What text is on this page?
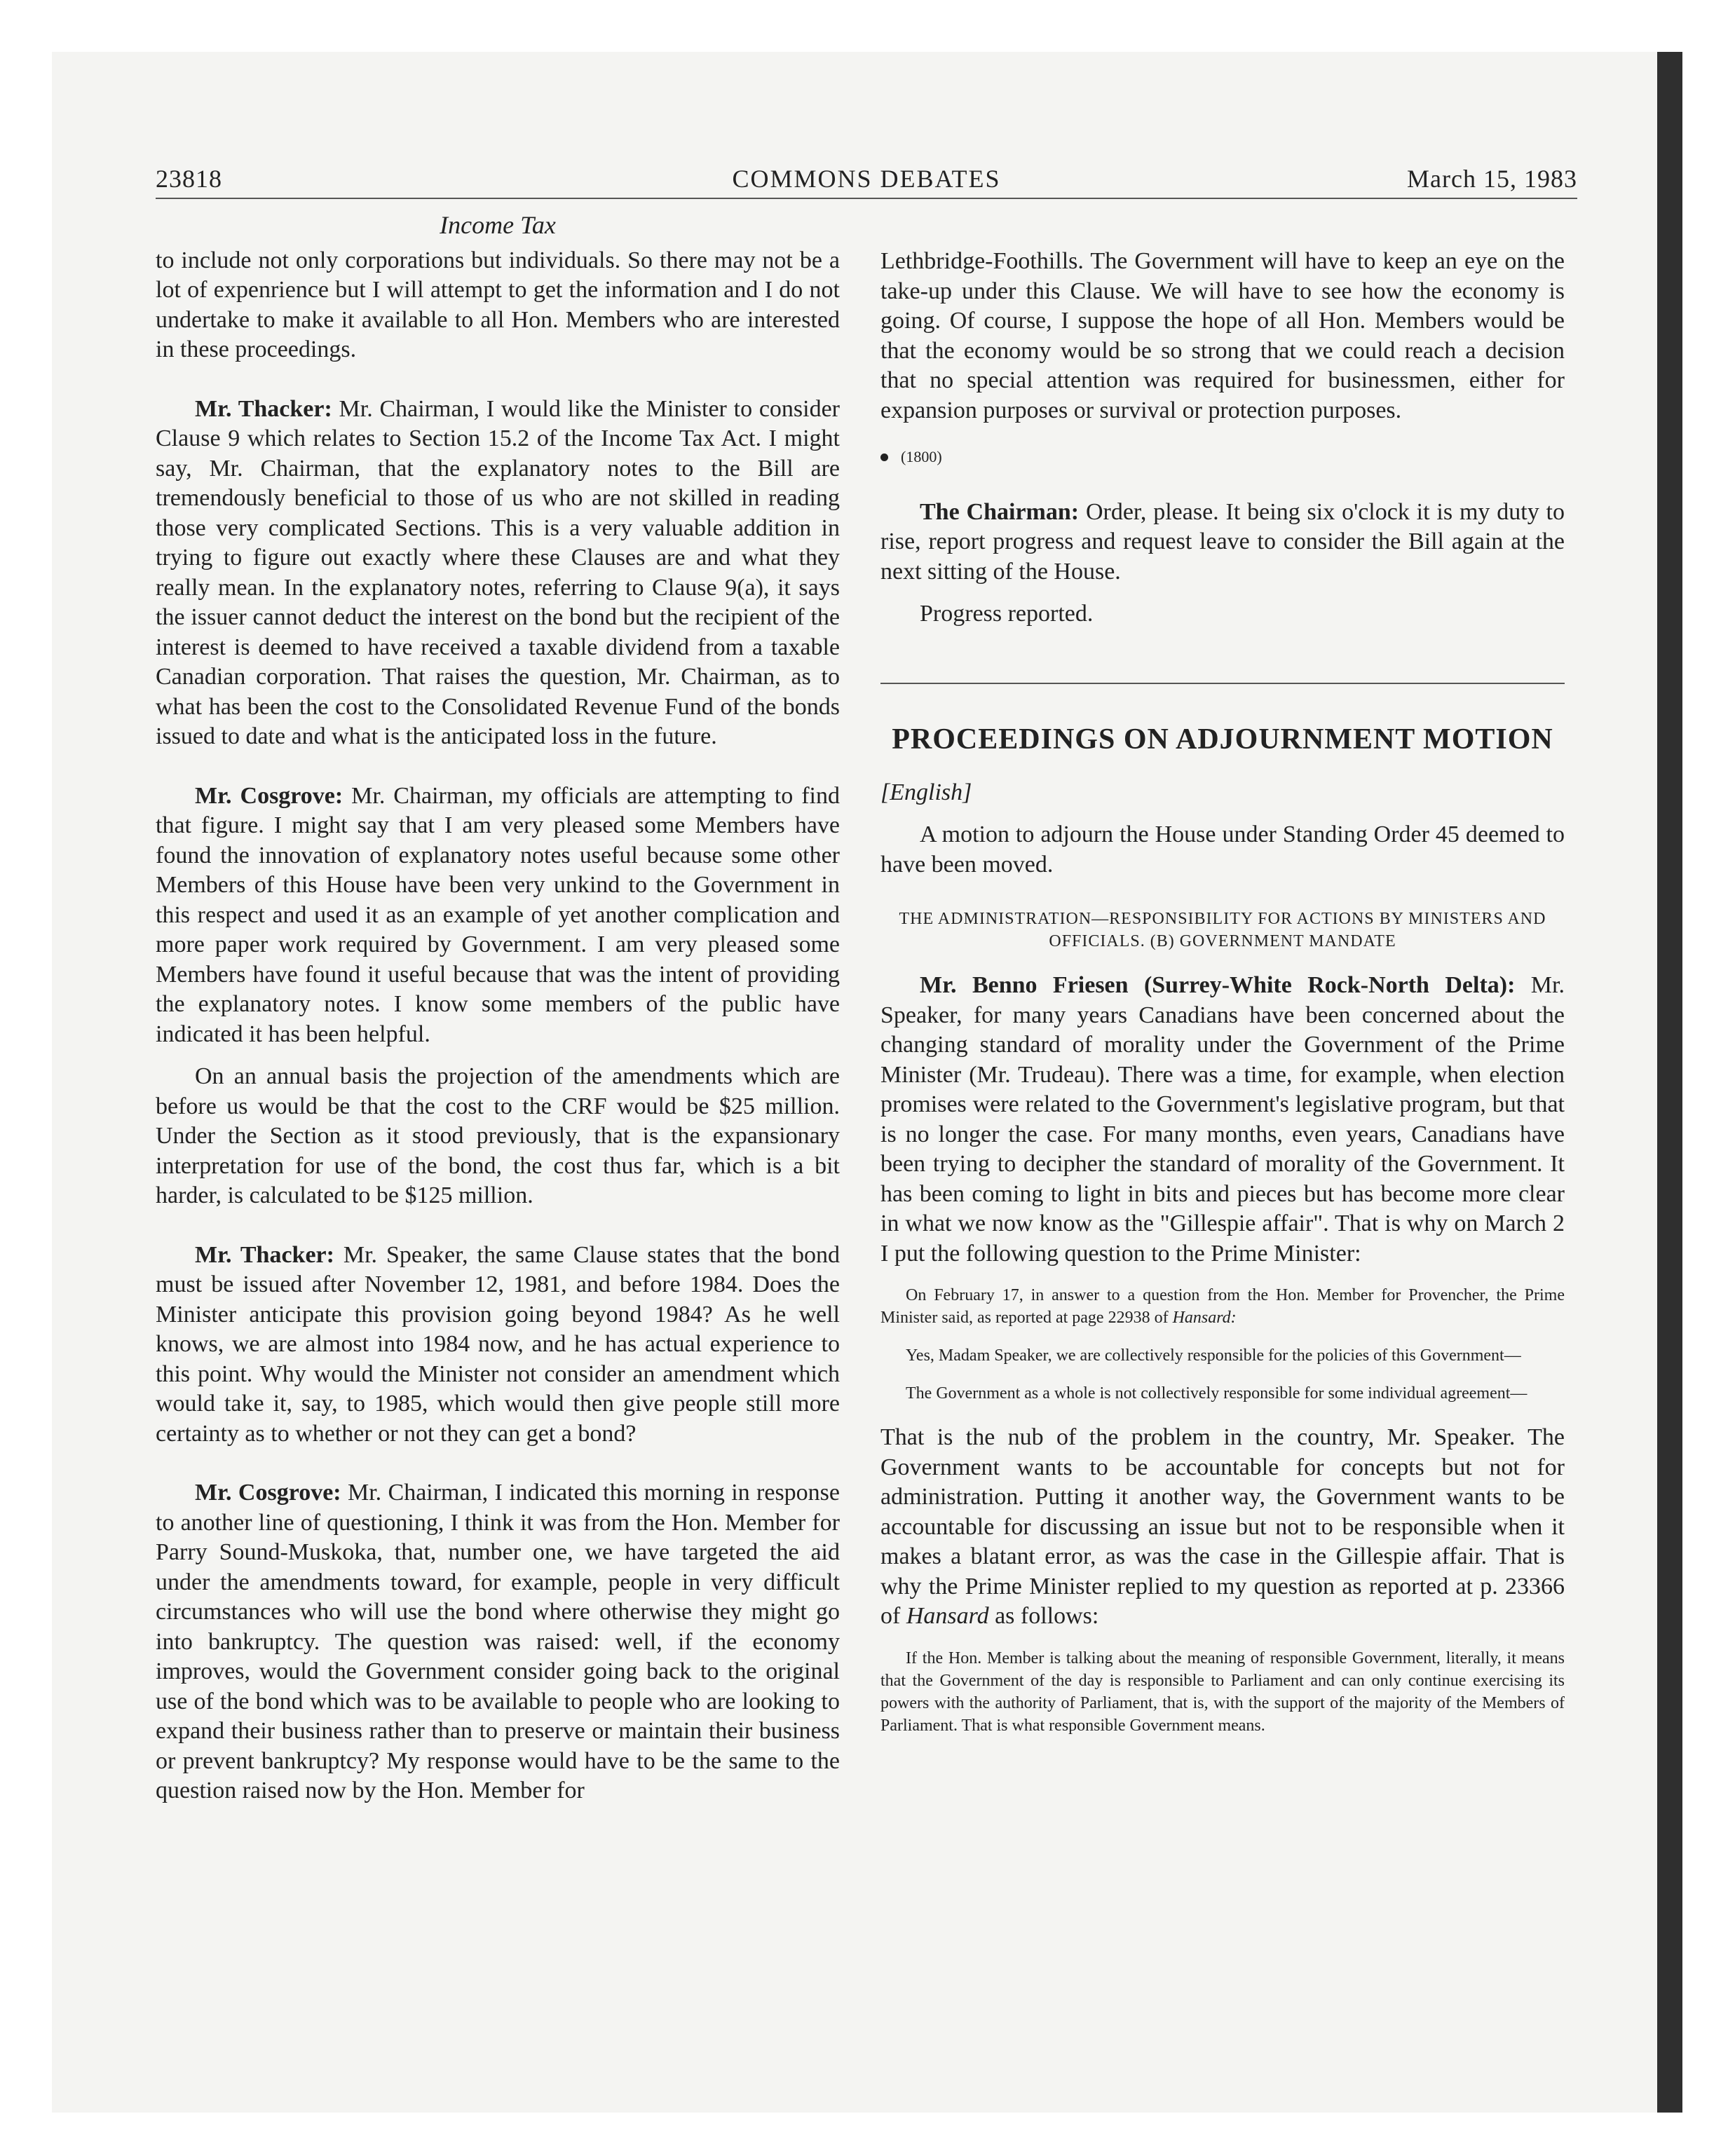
23818	COMMONS DEBATES	March 15, 1983
Income Tax

to include not only corporations but individuals. So there may not be a lot of expenrience but I will attempt to get the information and I do not undertake to make it available to all Hon. Members who are interested in these proceedings.

Mr. Thacker: Mr. Chairman, I would like the Minister to consider Clause 9 which relates to Section 15.2 of the Income Tax Act. I might say, Mr. Chairman, that the explanatory notes to the Bill are tremendously beneficial to those of us who are not skilled in reading those very complicated Sections. This is a very valuable addition in trying to figure out exactly where these Clauses are and what they really mean. In the explanatory notes, referring to Clause 9(a), it says the issuer cannot deduct the interest on the bond but the recipient of the interest is deemed to have received a taxable dividend from a taxable Canadian corporation. That raises the question, Mr. Chairman, as to what has been the cost to the Consolidated Revenue Fund of the bonds issued to date and what is the anticipated loss in the future.

Mr. Cosgrove: Mr. Chairman, my officials are attempting to find that figure. I might say that I am very pleased some Members have found the innovation of explanatory notes useful because some other Members of this House have been very unkind to the Government in this respect and used it as an example of yet another complication and more paper work required by Government. I am very pleased some Members have found it useful because that was the intent of providing the explanatory notes. I know some members of the public have indicated it has been helpful.

On an annual basis the projection of the amendments which are before us would be that the cost to the CRF would be $25 million. Under the Section as it stood previously, that is the expansionary interpretation for use of the bond, the cost thus far, which is a bit harder, is calculated to be $125 million.

Mr. Thacker: Mr. Speaker, the same Clause states that the bond must be issued after November 12, 1981, and before 1984. Does the Minister anticipate this provision going beyond 1984? As he well knows, we are almost into 1984 now, and he has actual experience to this point. Why would the Minister not consider an amendment which would take it, say, to 1985, which would then give people still more certainty as to whether or not they can get a bond?

Mr. Cosgrove: Mr. Chairman, I indicated this morning in response to another line of questioning, I think it was from the Hon. Member for Parry Sound-Muskoka, that, number one, we have targeted the aid under the amendments toward, for example, people in very difficult circumstances who will use the bond where otherwise they might go into bankruptcy. The question was raised: well, if the economy improves, would the Government consider going back to the original use of the bond which was to be available to people who are looking to expand their business rather than to preserve or maintain their business or prevent bankruptcy? My response would have to be the same to the question raised now by the Hon. Member for

Lethbridge-Foothills. The Government will have to keep an eye on the take-up under this Clause. We will have to see how the economy is going. Of course, I suppose the hope of all Hon. Members would be that the economy would be so strong that we could reach a decision that no special attention was required for businessmen, either for expansion purposes or survival or protection purposes.

(1800)

The Chairman: Order, please. It being six o'clock it is my duty to rise, report progress and request leave to consider the Bill again at the next sitting of the House.

Progress reported.

PROCEEDINGS ON ADJOURNMENT MOTION

[English]

A motion to adjourn the House under Standing Order 45 deemed to have been moved.

THE ADMINISTRATION—RESPONSIBILITY FOR ACTIONS BY MINISTERS AND OFFICIALS. (B) GOVERNMENT MANDATE

Mr. Benno Friesen (Surrey-White Rock-North Delta): Mr. Speaker, for many years Canadians have been concerned about the changing standard of morality under the Government of the Prime Minister (Mr. Trudeau). There was a time, for example, when election promises were related to the Government's legislative program, but that is no longer the case. For many months, even years, Canadians have been trying to decipher the standard of morality of the Government. It has been coming to light in bits and pieces but has become more clear in what we now know as the "Gillespie affair". That is why on March 2 I put the following question to the Prime Minister:

On February 17, in answer to a question from the Hon. Member for Provencher, the Prime Minister said, as reported at page 22938 of Hansard:

Yes, Madam Speaker, we are collectively responsible for the policies of this Government—

The Government as a whole is not collectively responsible for some individual agreement—

That is the nub of the problem in the country, Mr. Speaker. The Government wants to be accountable for concepts but not for administration. Putting it another way, the Government wants to be accountable for discussing an issue but not to be responsible when it makes a blatant error, as was the case in the Gillespie affair. That is why the Prime Minister replied to my question as reported at p. 23366 of Hansard as follows:

If the Hon. Member is talking about the meaning of responsible Government, literally, it means that the Government of the day is responsible to Parliament and can only continue exercising its powers with the authority of Parliament, that is, with the support of the majority of the Members of Parliament. That is what responsible Government means.
